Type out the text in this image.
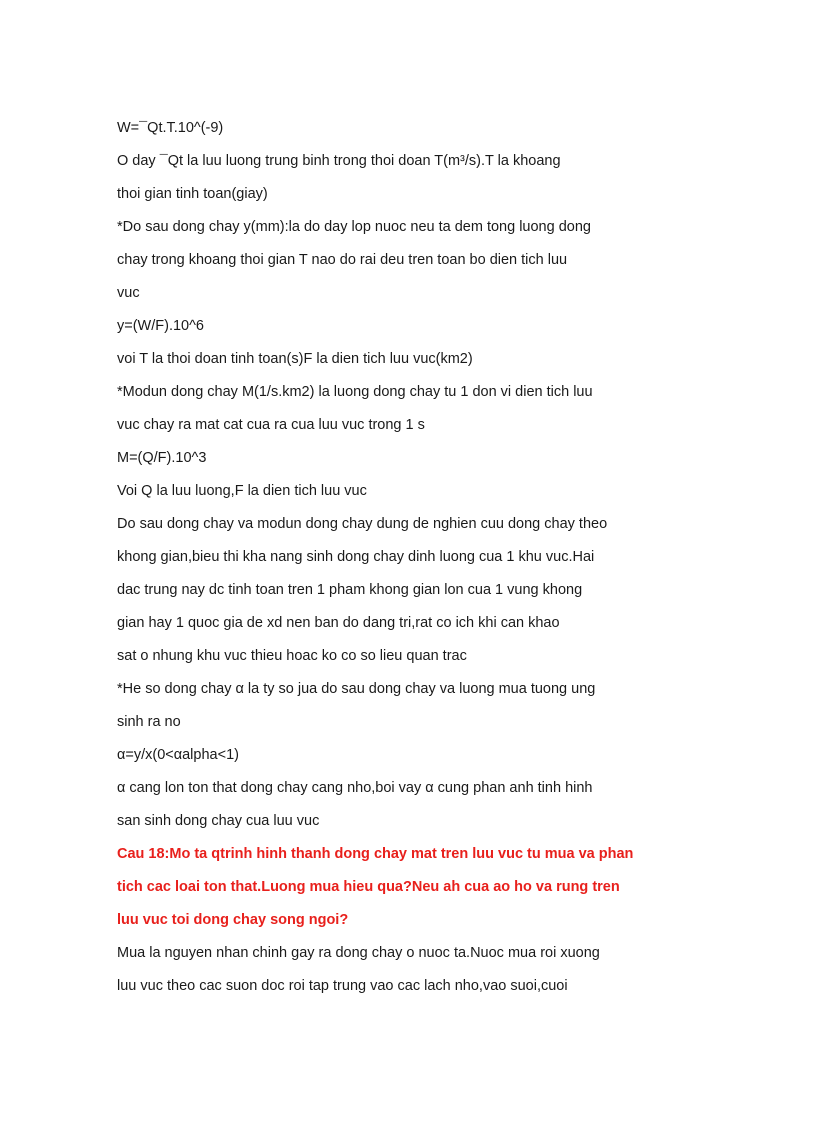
W=¯Qt.T.10^(-9)
O day ¯Qt la luu luong trung binh trong thoi doan T(m³/s).T la khoang
thoi gian tinh toan(giay)
*Do sau dong chay y(mm):la do day lop nuoc neu ta dem tong luong dong
chay trong khoang thoi gian T nao do rai deu tren toan bo dien tich luu
vuc
y=(W/F).10^6
voi T la thoi doan tinh toan(s)F la dien tich luu vuc(km2)
*Modun dong chay M(1/s.km2) la luong dong chay tu 1 don vi dien tich luu
vuc chay ra mat cat cua ra cua luu vuc trong 1 s
M=(Q/F).10^3
Voi Q la luu luong,F la dien tich luu vuc
Do sau dong chay va modun dong chay dung de nghien cuu dong chay theo
khong gian,bieu thi kha nang sinh dong chay dinh luong cua 1 khu vuc.Hai
dac trung nay dc tinh toan tren 1 pham khong gian lon cua 1 vung khong
gian hay 1 quoc gia de xd nen ban do dang tri,rat co ich khi can khao
sat o nhung khu vuc thieu hoac ko co so lieu quan trac
*He so dong chay α la ty so jua do sau dong chay va luong mua tuong ung
sinh ra no
α=y/x(0<αalpha<1)
α cang lon ton that dong chay cang nho,boi vay α cung phan anh tinh hinh
san sinh dong chay cua luu vuc
Cau 18:Mo ta qtrinh hinh thanh dong chay mat tren luu vuc tu mua va phan
tich cac loai ton that.Luong mua hieu qua?Neu ah cua ao ho va rung tren
luu vuc toi dong chay song ngoi?
Mua la nguyen nhan chinh gay ra dong chay o nuoc ta.Nuoc mua roi xuong
luu vuc theo cac suon doc roi tap trung vao cac lach nho,vao suoi,cuoi
